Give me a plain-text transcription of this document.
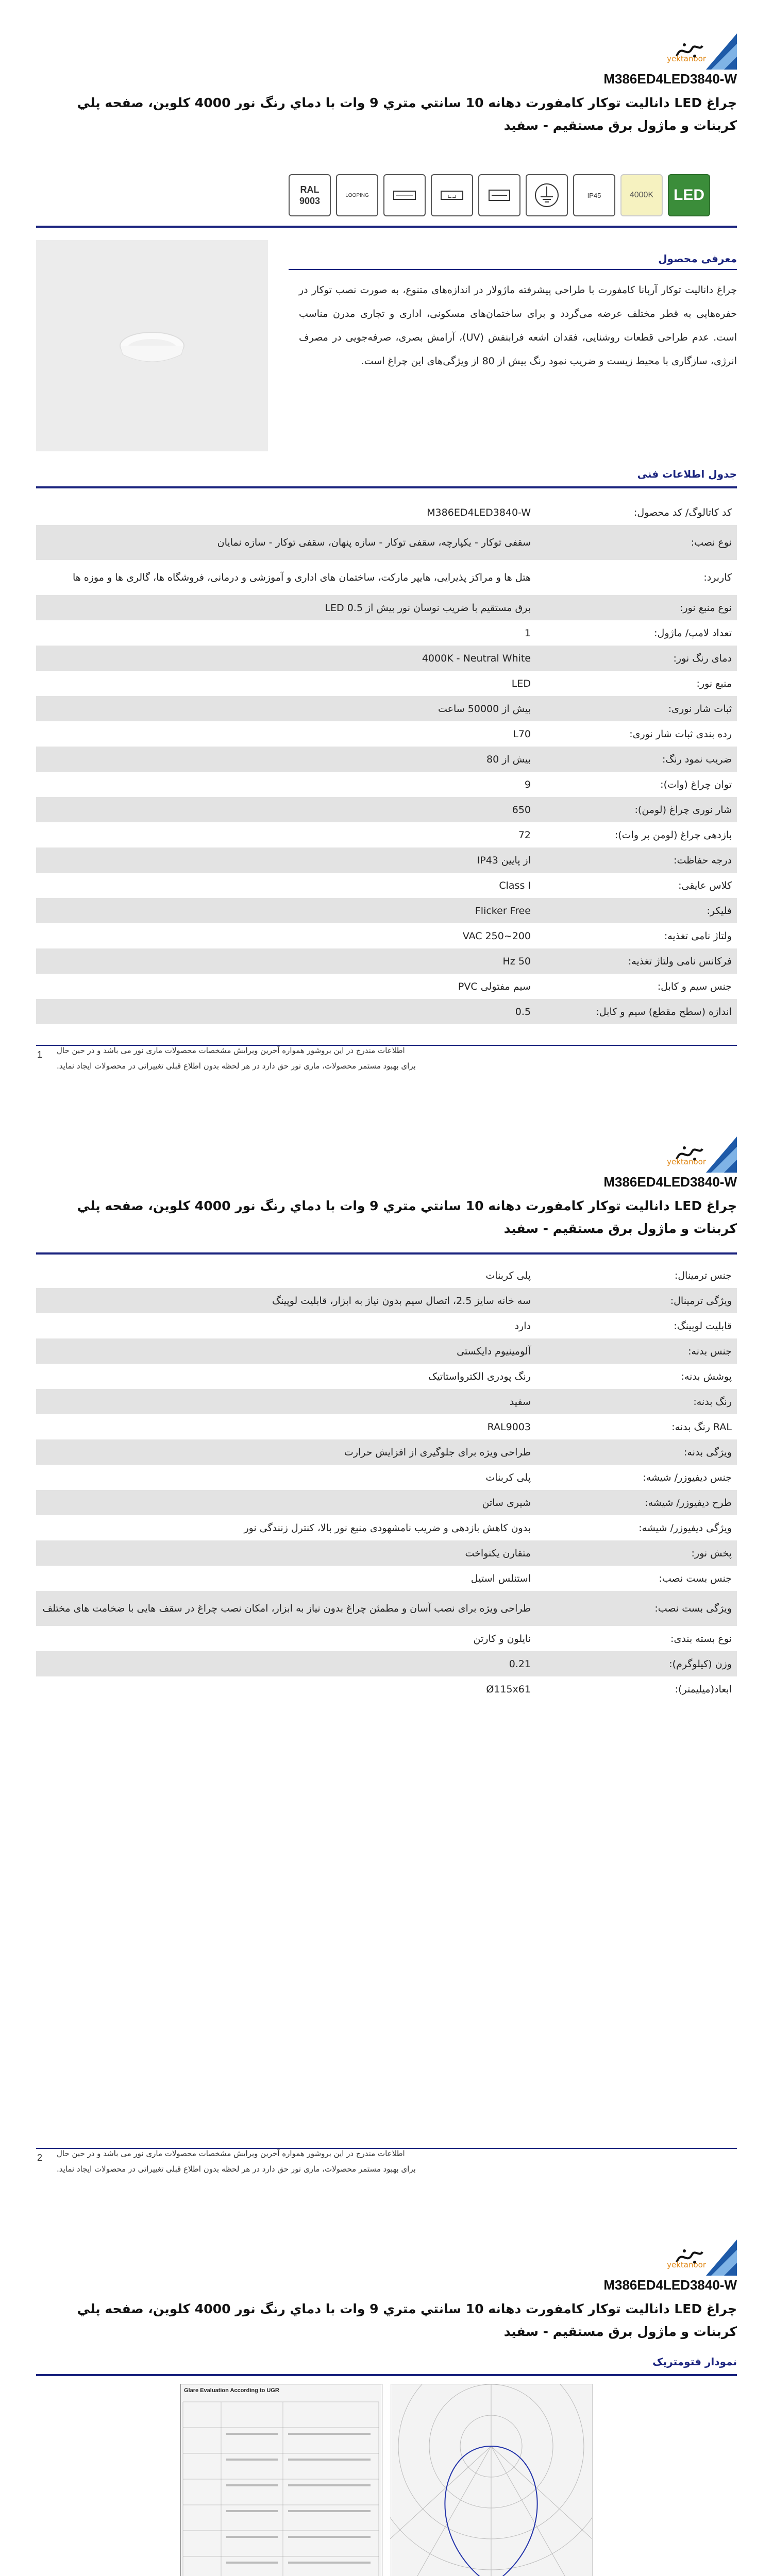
yektanoor
M386ED4LED3840-W
چراغ LED داناليت توكار كامفورت دهانه 10 سانتي متري 9 وات با دماي رنگ نور 4000 كلوين، صفحه پلي كربنات و ماژول برق مستقيم - سفيد
LED
4000K
IP45
⊏⊐
LOOPING
RAL 9003
معرفی محصول
چراغ داناليت توكار آربانا كامفورت با طراحی پیشرفته ماژولار در اندازه‌های متنوع، به صورت نصب توكار در حفره‌هایی به قطر مختلف عرضه می‌گردد و برای ساختمان‌های مسكونی، اداری و تجاری مدرن مناسب است. عدم طراحی قطعات روشنایی، فقدان اشعه فرابنفش (UV)، آرامش بصری، صرفه‌جویی در مصرف انرژی، سازگاری با محیط زیست و ضریب نمود رنگ بیش از 80 از ویژگی‌های این چراغ است.
جدول اطلاعات فنی
کد کاتالوگ/ کد محصول:
M386ED4LED3840-W
نوع نصب:
سقفی توكار - یکپارچه، سقفی توكار - سازه پنهان، سقفی توكار - سازه نمایان
کاربرد:
هتل ها و مراکز پذیرایی، هایپر مارکت، ساختمان های اداری و آموزشی و درمانی، فروشگاه ها، گالری ها و موزه ها
نوع منبع نور:
برق مستقیم با ضریب نوسان نور بیش از LED 0.5
تعداد لامپ/ ماژول:
1
دمای رنگ نور:
4000K - Neutral White
منبع نور:
LED
ثبات شار نوری:
بیش از 50000 ساعت
رده بندی ثبات شار نوری:
L70
ضریب نمود رنگ:
بیش از 80
توان چراغ (وات):
9
شار نوری چراغ (لومن):
650
بازدهی چراغ (لومن بر وات):
72
درجه حفاظت:
از پایین IP43
کلاس عایقی:
Class I
فلیکر:
Flicker Free
ولتاژ نامی تغذیه:
200~250 VAC
فرکانس نامی ولتاژ تغذیه:
50 Hz
جنس سیم و کابل:
سیم مفتولی PVC
اندازه (سطح مقطع) سیم و کابل:
0.5
1 اطلاعات مندرج در این بروشور همواره آخرین ویرایش مشخصات محصولات ماری نور می باشد و در حین حال
برای بهبود مستمر محصولات، ماری نور حق دارد در هر لحظه بدون اطلاع قبلی تغییراتی در محصولات ایجاد نماید.
yektanoor
M386ED4LED3840-W
چراغ LED داناليت توكار كامفورت دهانه 10 سانتي متري 9 وات با دماي رنگ نور 4000 كلوين، صفحه پلي كربنات و ماژول برق مستقيم - سفيد
جنس ترمینال:
پلی کربنات
ویژگی ترمینال:
سه خانه سایز 2.5، اتصال سیم بدون نیاز به ابزار، قابلیت لوپینگ
قابلیت لوپینگ:
دارد
جنس بدنه:
آلومینیوم دایکستی
پوشش بدنه:
رنگ پودری الکترواستاتیک
رنگ بدنه:
سفید
RAL رنگ بدنه:
RAL9003
ویژگی بدنه:
طراحی ویژه برای جلوگیری از افزایش حرارت
جنس دیفیوزر/ شیشه:
پلی کربنات
طرح دیفیوزر/ شیشه:
شیری ساتن
ویژگی دیفیوزر/ شیشه:
بدون کاهش بازدهی و ضریب نامشهودی منبع نور بالا، کنترل زنندگی نور
پخش نور:
متقارن یکنواخت
جنس بست نصب:
استنلس استیل
ویژگی بست نصب:
طراحی ویژه برای نصب آسان و مطمئن چراغ بدون نیاز به ابزار، امکان نصب چراغ در سقف هایی با ضخامت های مختلف
نوع بسته بندی:
نایلون و کارتن
وزن (کیلوگرم):
0.21
ابعاد(میلیمتر):
Ø115x61
2 اطلاعات مندرج در این بروشور همواره آخرین ویرایش مشخصات محصولات ماری نور می باشد و در حین حال
برای بهبود مستمر محصولات، ماری نور حق دارد در هر لحظه بدون اطلاع قبلی تغییراتی در محصولات ایجاد نماید.
yektanoor
M386ED4LED3840-W
چراغ LED داناليت توكار كامفورت دهانه 10 سانتي متري 9 وات با دماي رنگ نور 4000 كلوين، صفحه پلي كربنات و ماژول برق مستقيم - سفيد
نمودار فتومتریک
Glare Evaluation According to UGR
